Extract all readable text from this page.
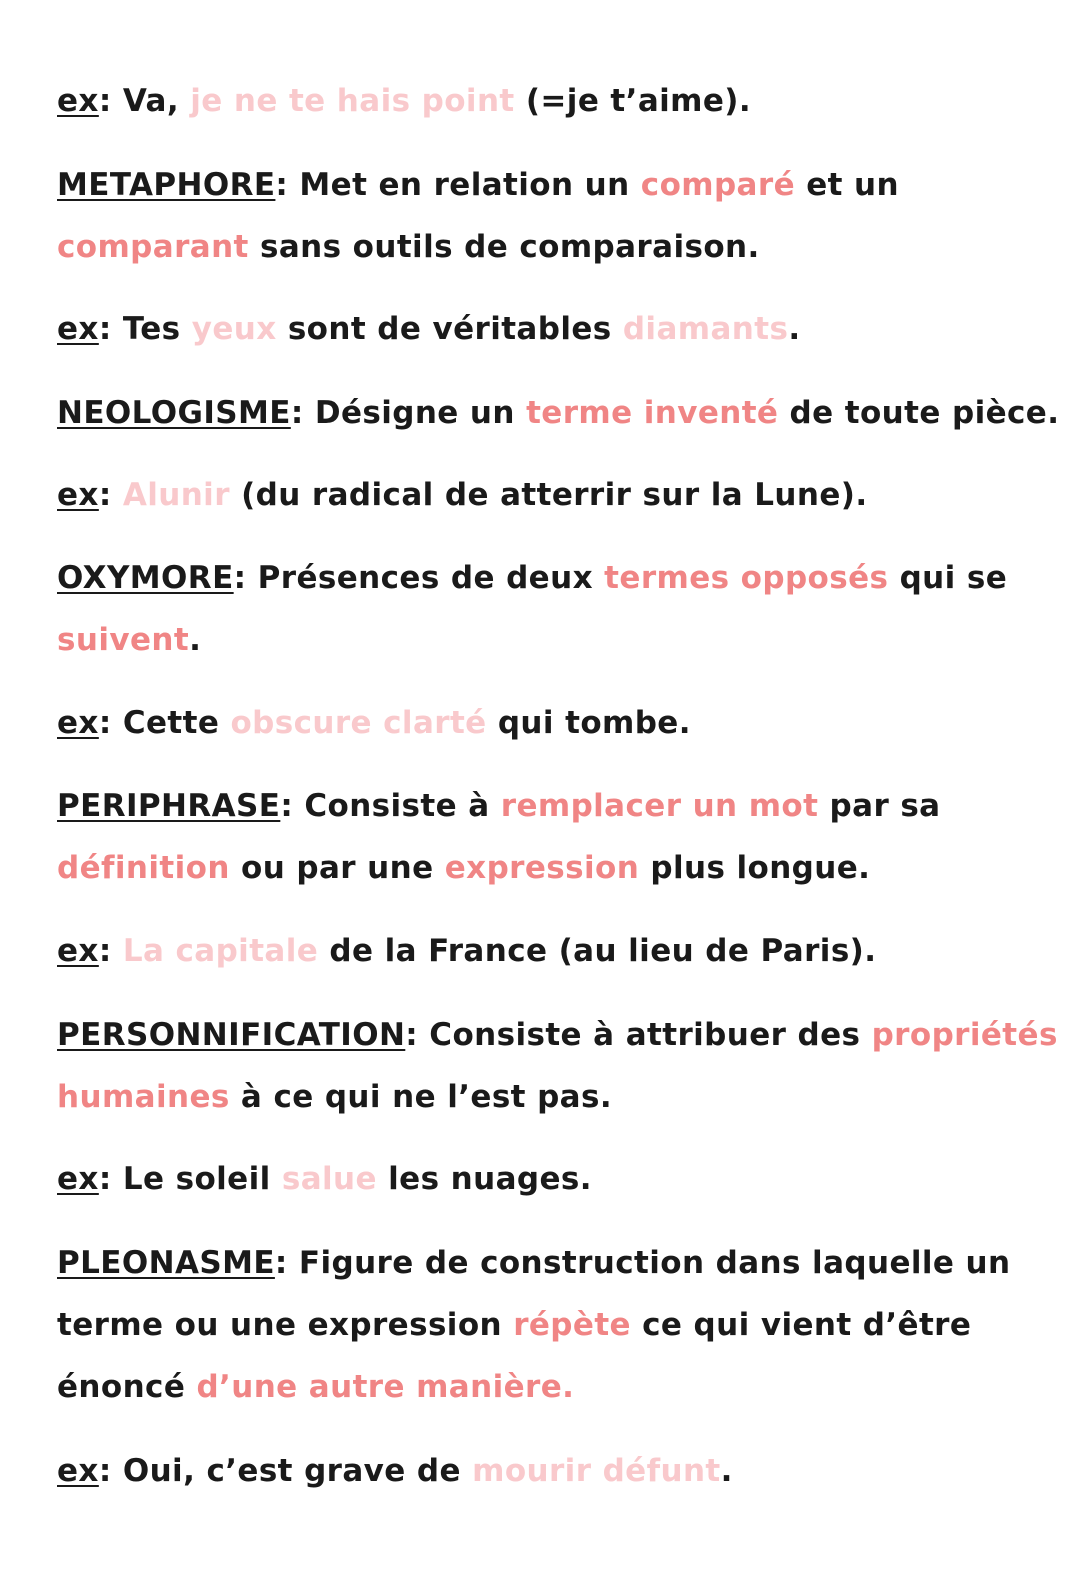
ex: Va, je ne te hais point (=je t’aime).
METAPHORE: Met en relation un comparé et un
comparant sans outils de comparaison.
ex: Tes yeux sont de véritables diamants.
NEOLOGISME: Désigne un terme inventé de toute pièce.
ex: Alunir (du radical de atterrir sur la Lune).
OXYMORE: Présences de deux termes opposés qui se
suivent.
ex: Cette obscure clarté qui tombe.
PERIPHRASE: Consiste à remplacer un mot par sa
définition ou par une expression plus longue.
ex: La capitale de la France (au lieu de Paris).
PERSONNIFICATION: Consiste à attribuer des propriétés
humaines à ce qui ne l’est pas.
ex: Le soleil salue les nuages.
PLEONASME: Figure de construction dans laquelle un
terme ou une expression répète ce qui vient d’être
énoncé d’une autre manière.
ex: Oui, c’est grave de mourir défunt.
